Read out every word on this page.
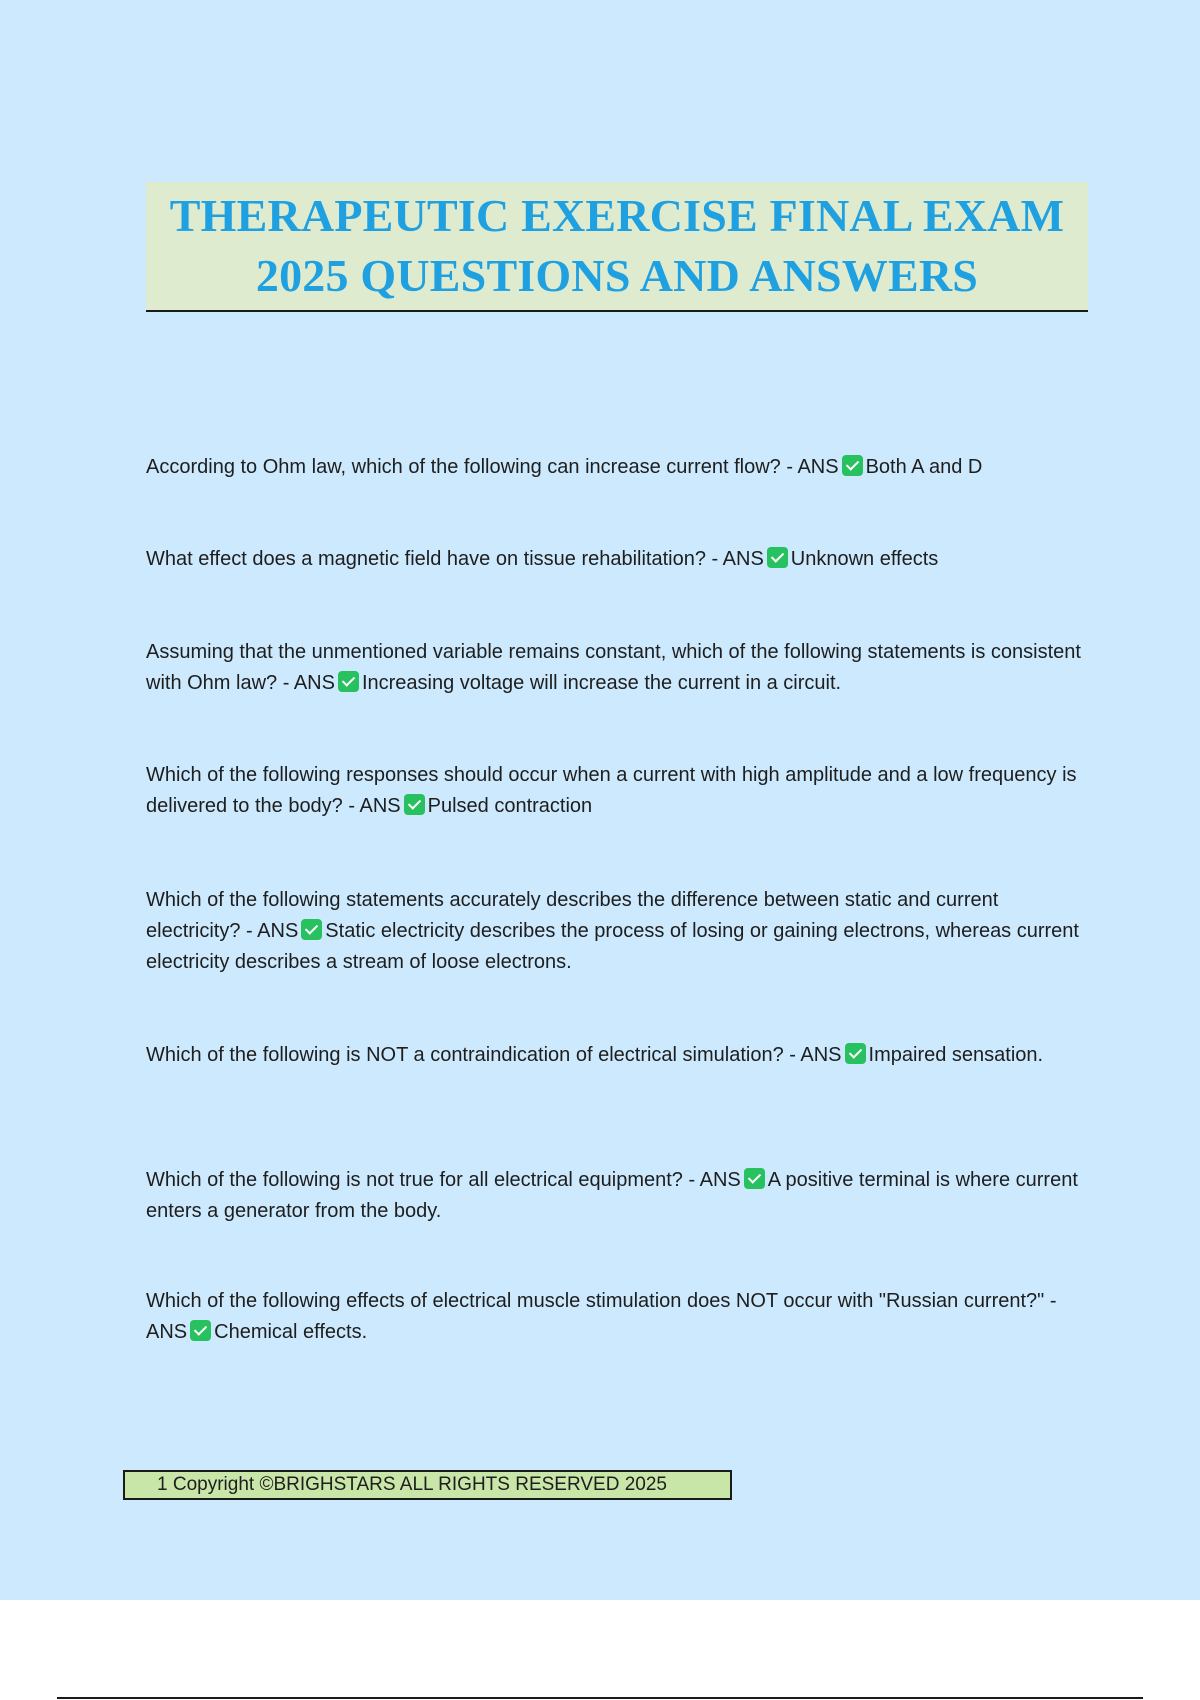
THERAPEUTIC EXERCISE FINAL EXAM
2025 QUESTIONS AND ANSWERS
According to Ohm law, which of the following can increase current flow? - ANS Both A and D
What effect does a magnetic field have on tissue rehabilitation? - ANS Unknown effects
Assuming that the unmentioned variable remains constant, which of the following statements is consistent with Ohm law? - ANS Increasing voltage will increase the current in a circuit.
Which of the following responses should occur when a current with high amplitude and a low frequency is delivered to the body? - ANS Pulsed contraction
Which of the following statements accurately describes the difference between static and current electricity? - ANS Static electricity describes the process of losing or gaining electrons, whereas current electricity describes a stream of loose electrons.
Which of the following is NOT a contraindication of electrical simulation? - ANS Impaired sensation.
Which of the following is not true for all electrical equipment? - ANS A positive terminal is where current enters a generator from the body.
Which of the following effects of electrical muscle stimulation does NOT occur with "Russian current?" - ANS Chemical effects.
1 Copyright ©BRIGHSTARS ALL RIGHTS RESERVED 2025
